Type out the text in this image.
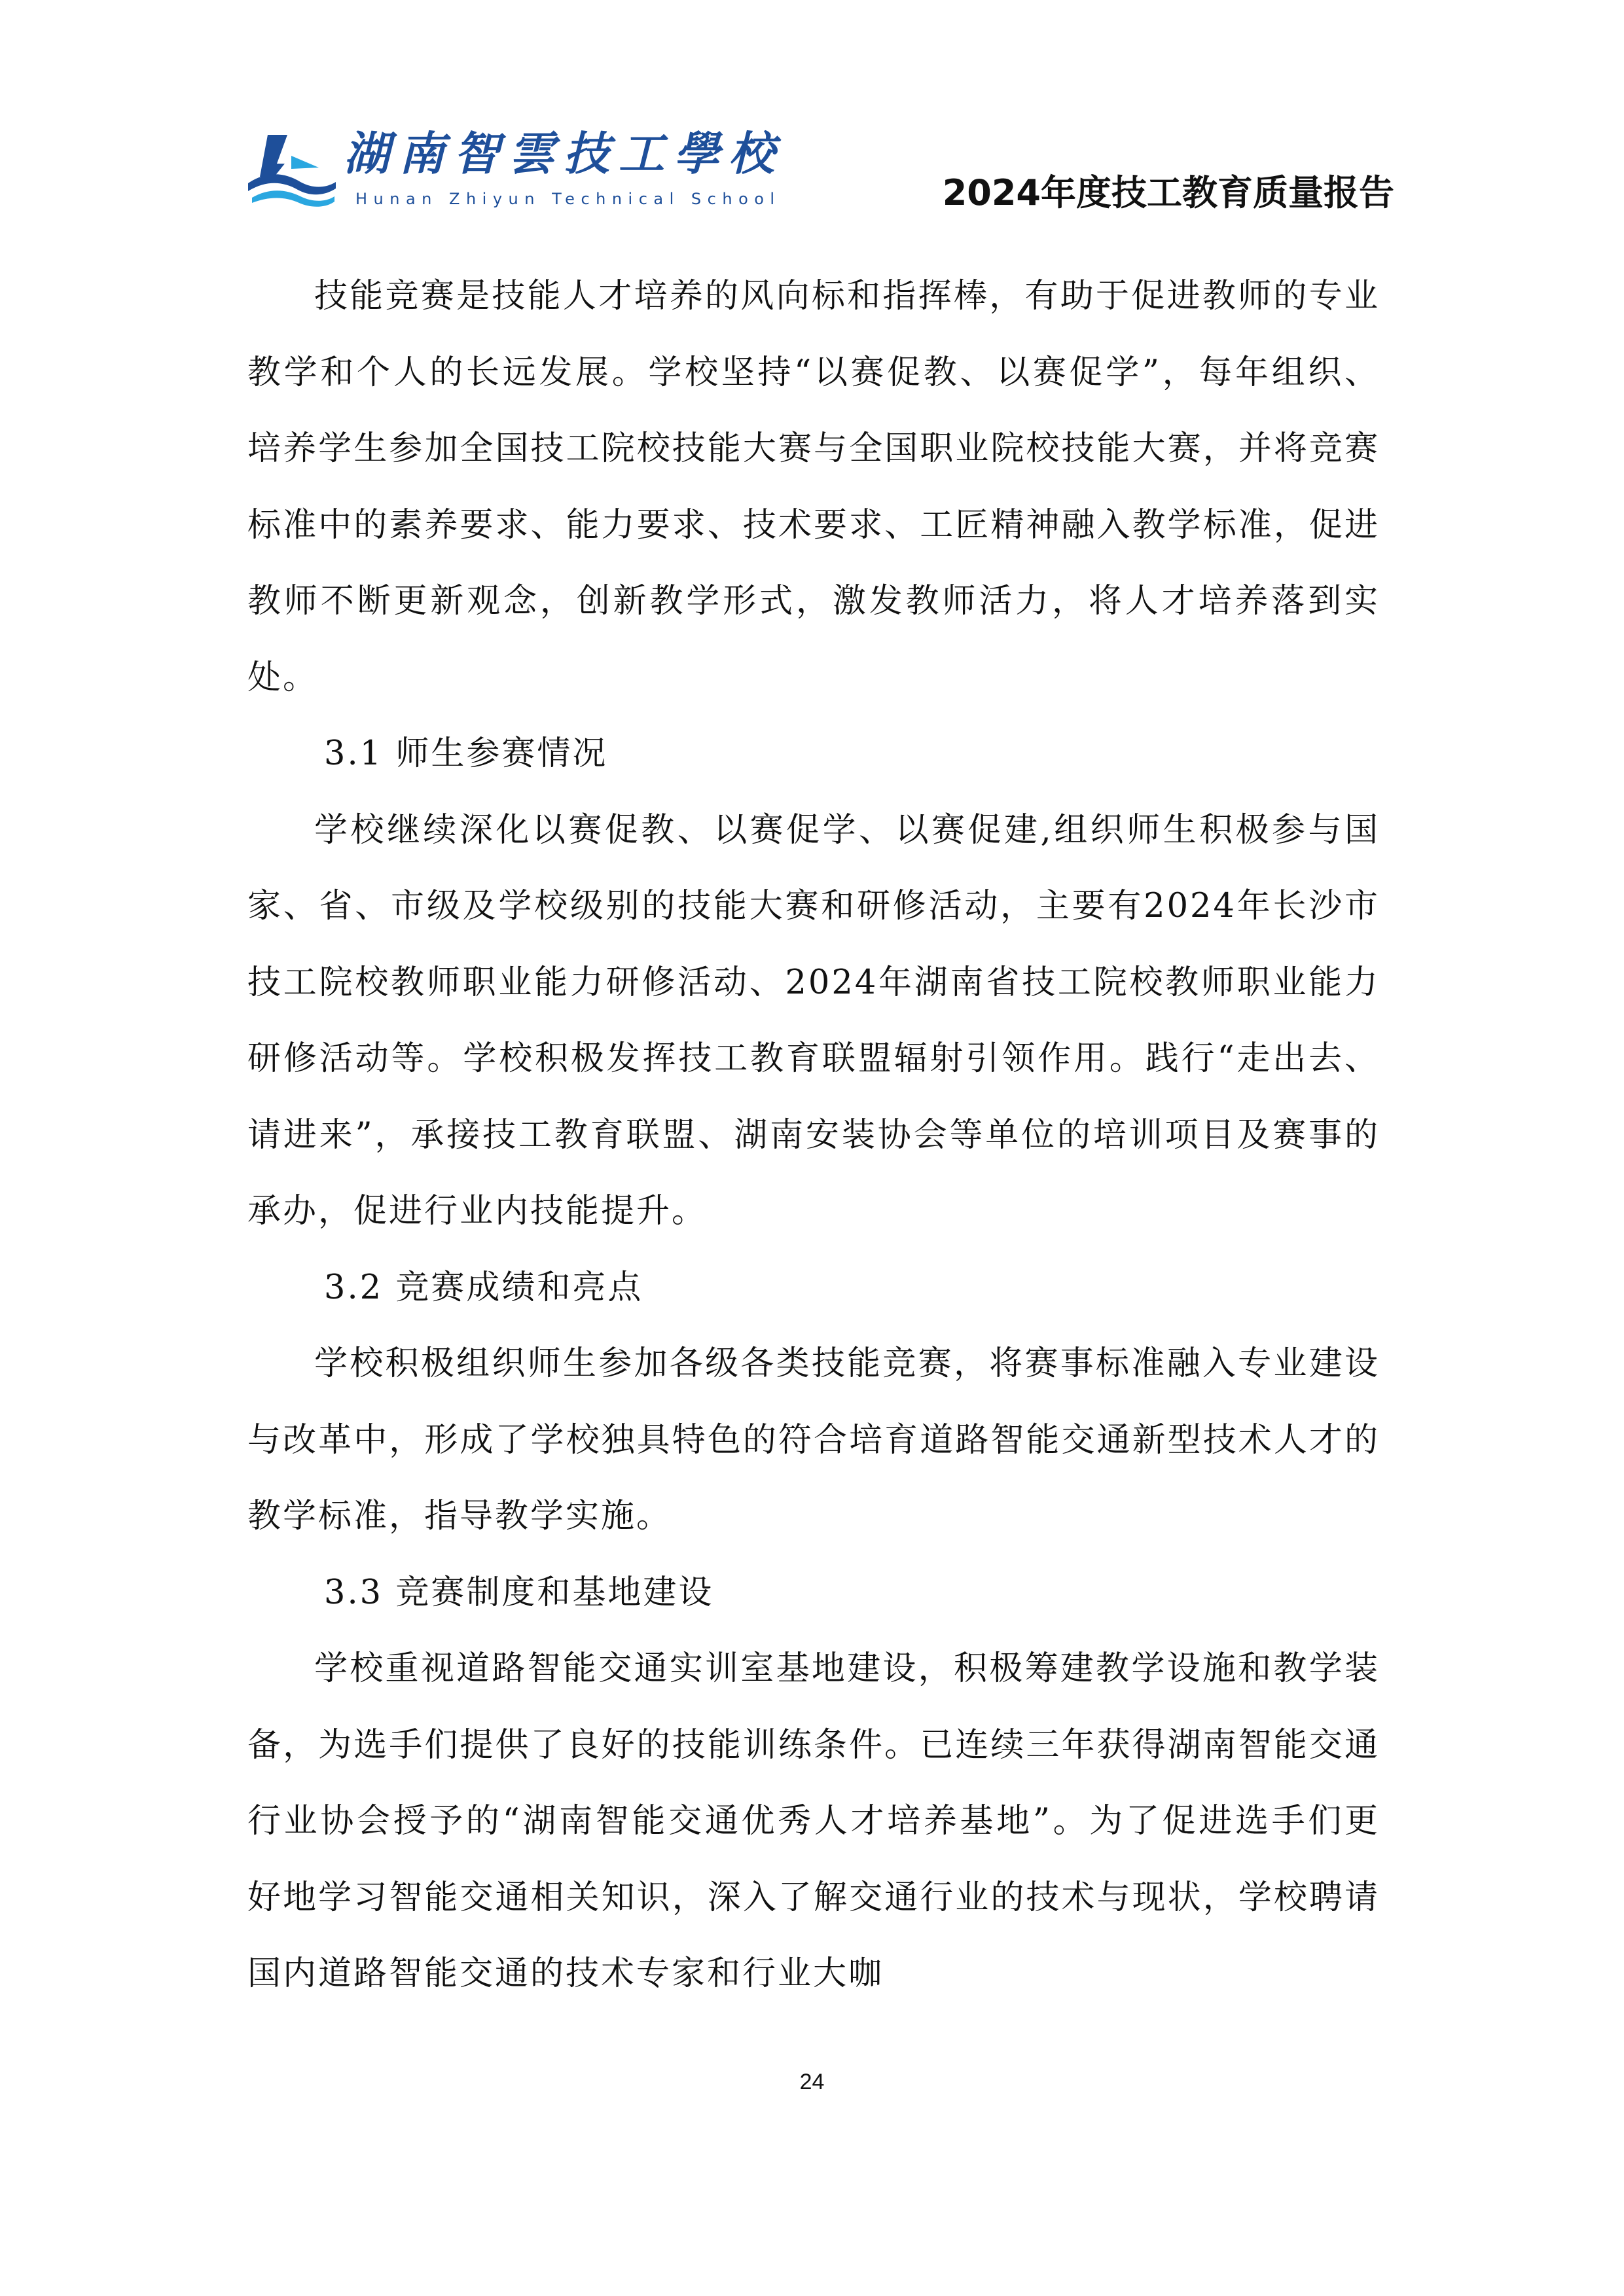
湖南智雲技工學校
Hunan Zhiyun Technical School	2024年度技工教育质量报告

技能竞赛是技能人才培养的风向标和指挥棒，有助于促进教师的专业教学和个人的长远发展。学校坚持“以赛促教、以赛促学”，每年组织、培养学生参加全国技工院校技能大赛与全国职业院校技能大赛，并将竞赛标准中的素养要求、能力要求、技术要求、工匠精神融入教学标准，促进教师不断更新观念，创新教学形式，激发教师活力，将人才培养落到实处。

3.1 师生参赛情况

学校继续深化以赛促教、以赛促学、以赛促建,组织师生积极参与国家、省、市级及学校级别的技能大赛和研修活动，主要有2024年长沙市技工院校教师职业能力研修活动、2024年湖南省技工院校教师职业能力研修活动等。学校积极发挥技工教育联盟辐射引领作用。践行“走出去、请进来”，承接技工教育联盟、湖南安装协会等单位的培训项目及赛事的承办，促进行业内技能提升。

3.2 竞赛成绩和亮点

学校积极组织师生参加各级各类技能竞赛，将赛事标准融入专业建设与改革中，形成了学校独具特色的符合培育道路智能交通新型技术人才的教学标准，指导教学实施。

3.3 竞赛制度和基地建设

学校重视道路智能交通实训室基地建设，积极筹建教学设施和教学装备，为选手们提供了良好的技能训练条件。已连续三年获得湖南智能交通行业协会授予的“湖南智能交通优秀人才培养基地”。为了促进选手们更好地学习智能交通相关知识，深入了解交通行业的技术与现状，学校聘请国内道路智能交通的技术专家和行业大咖

24
